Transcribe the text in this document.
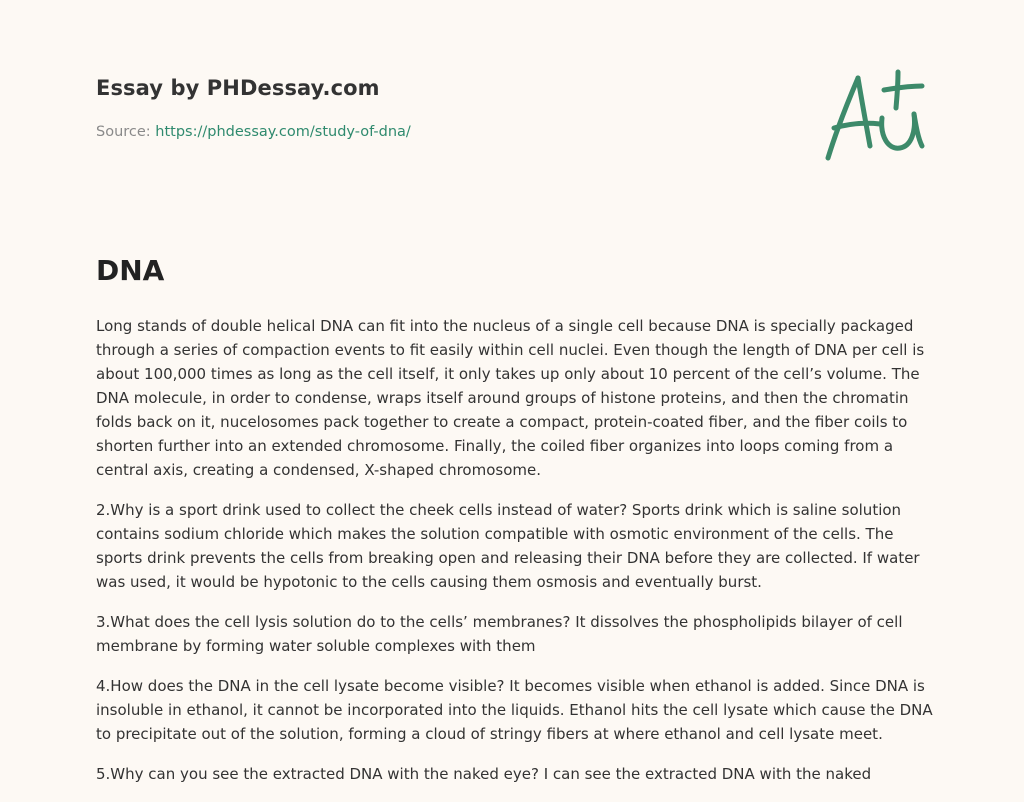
Essay by PHDessay.com
Source: https://phdessay.com/study-of-dna/
DNA

Long stands of double helical DNA can fit into the nucleus of a single cell because DNA is specially packaged through a series of compaction events to fit easily within cell nuclei. Even though the length of DNA per cell is about 100,000 times as long as the cell itself, it only takes up only about 10 percent of the cell’s volume. The DNA molecule, in order to condense, wraps itself around groups of histone proteins, and then the chromatin folds back on it, nucelosomes pack together to create a compact, protein-coated fiber, and the fiber coils to shorten further into an extended chromosome. Finally, the coiled fiber organizes into loops coming from a central axis, creating a condensed, X-shaped chromosome.

2.Why is a sport drink used to collect the cheek cells instead of water? Sports drink which is saline solution contains sodium chloride which makes the solution compatible with osmotic environment of the cells. The sports drink prevents the cells from breaking open and releasing their DNA before they are collected. If water was used, it would be hypotonic to the cells causing them osmosis and eventually burst.

3.What does the cell lysis solution do to the cells’ membranes? It dissolves the phospholipids bilayer of cell membrane by forming water soluble complexes with them

4.How does the DNA in the cell lysate become visible? It becomes visible when ethanol is added. Since DNA is insoluble in ethanol, it cannot be incorporated into the liquids. Ethanol hits the cell lysate which cause the DNA to precipitate out of the solution, forming a cloud of stringy fibers at where ethanol and cell lysate meet.

5.Why can you see the extracted DNA with the naked eye? I can see the extracted DNA with the naked
